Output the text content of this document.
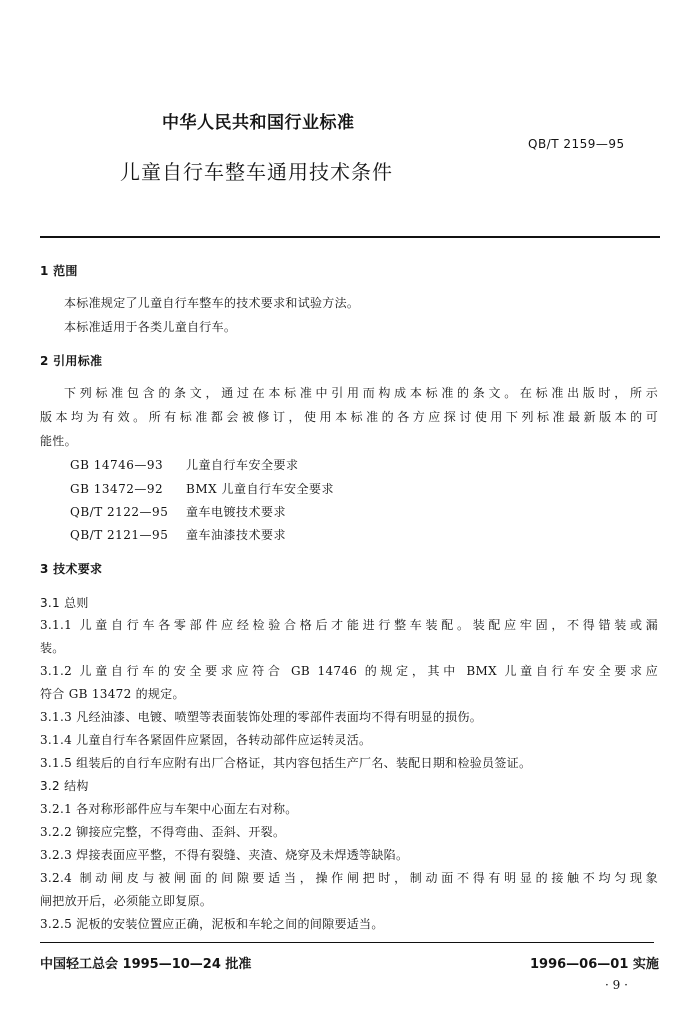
中华人民共和国行业标准
QB/T 2159—95
儿童自行车整车通用技术条件
1 范围
本标准规定了儿童自行车整车的技术要求和试验方法。
本标准适用于各类儿童自行车。
2 引用标准
下列标准包含的条文，通过在本标准中引用而构成本标准的条文。在标准出版时，所示
版本均为有效。所有标准都会被修订，使用本标准的各方应探讨使用下列标准最新版本的可
能性。
GB 14746—93 儿童自行车安全要求
GB 13472—92 BMX 儿童自行车安全要求
QB/T 2122—95 童车电镀技术要求
QB/T 2121—95 童车油漆技术要求
3 技术要求
3.1 总则
3.1.1 儿童自行车各零部件应经检验合格后才能进行整车装配。装配应牢固，不得错装或漏
装。
3.1.2 儿童自行车的安全要求应符合 GB 14746 的规定，其中 BMX 儿童自行车安全要求应
符合 GB 13472 的规定。
3.1.3 凡经油漆、电镀、喷塑等表面装饰处理的零部件表面均不得有明显的损伤。
3.1.4 儿童自行车各紧固件应紧固，各转动部件应运转灵活。
3.1.5 组装后的自行车应附有出厂合格证，其内容包括生产厂名、装配日期和检验员签证。
3.2 结构
3.2.1 各对称形部件应与车架中心面左右对称。
3.2.2 铆接应完整，不得弯曲、歪斜、开裂。
3.2.3 焊接表面应平整，不得有裂缝、夹渣、烧穿及未焊透等缺陷。
3.2.4 制动闸皮与被闸面的间隙要适当，操作闸把时，制动面不得有明显的接触不均匀现象
闸把放开后，必须能立即复原。
3.2.5 泥板的安装位置应正确，泥板和车轮之间的间隙要适当。
中国轻工总会 1995—10—24 批准	1996—06—01 实施
· 9 ·
